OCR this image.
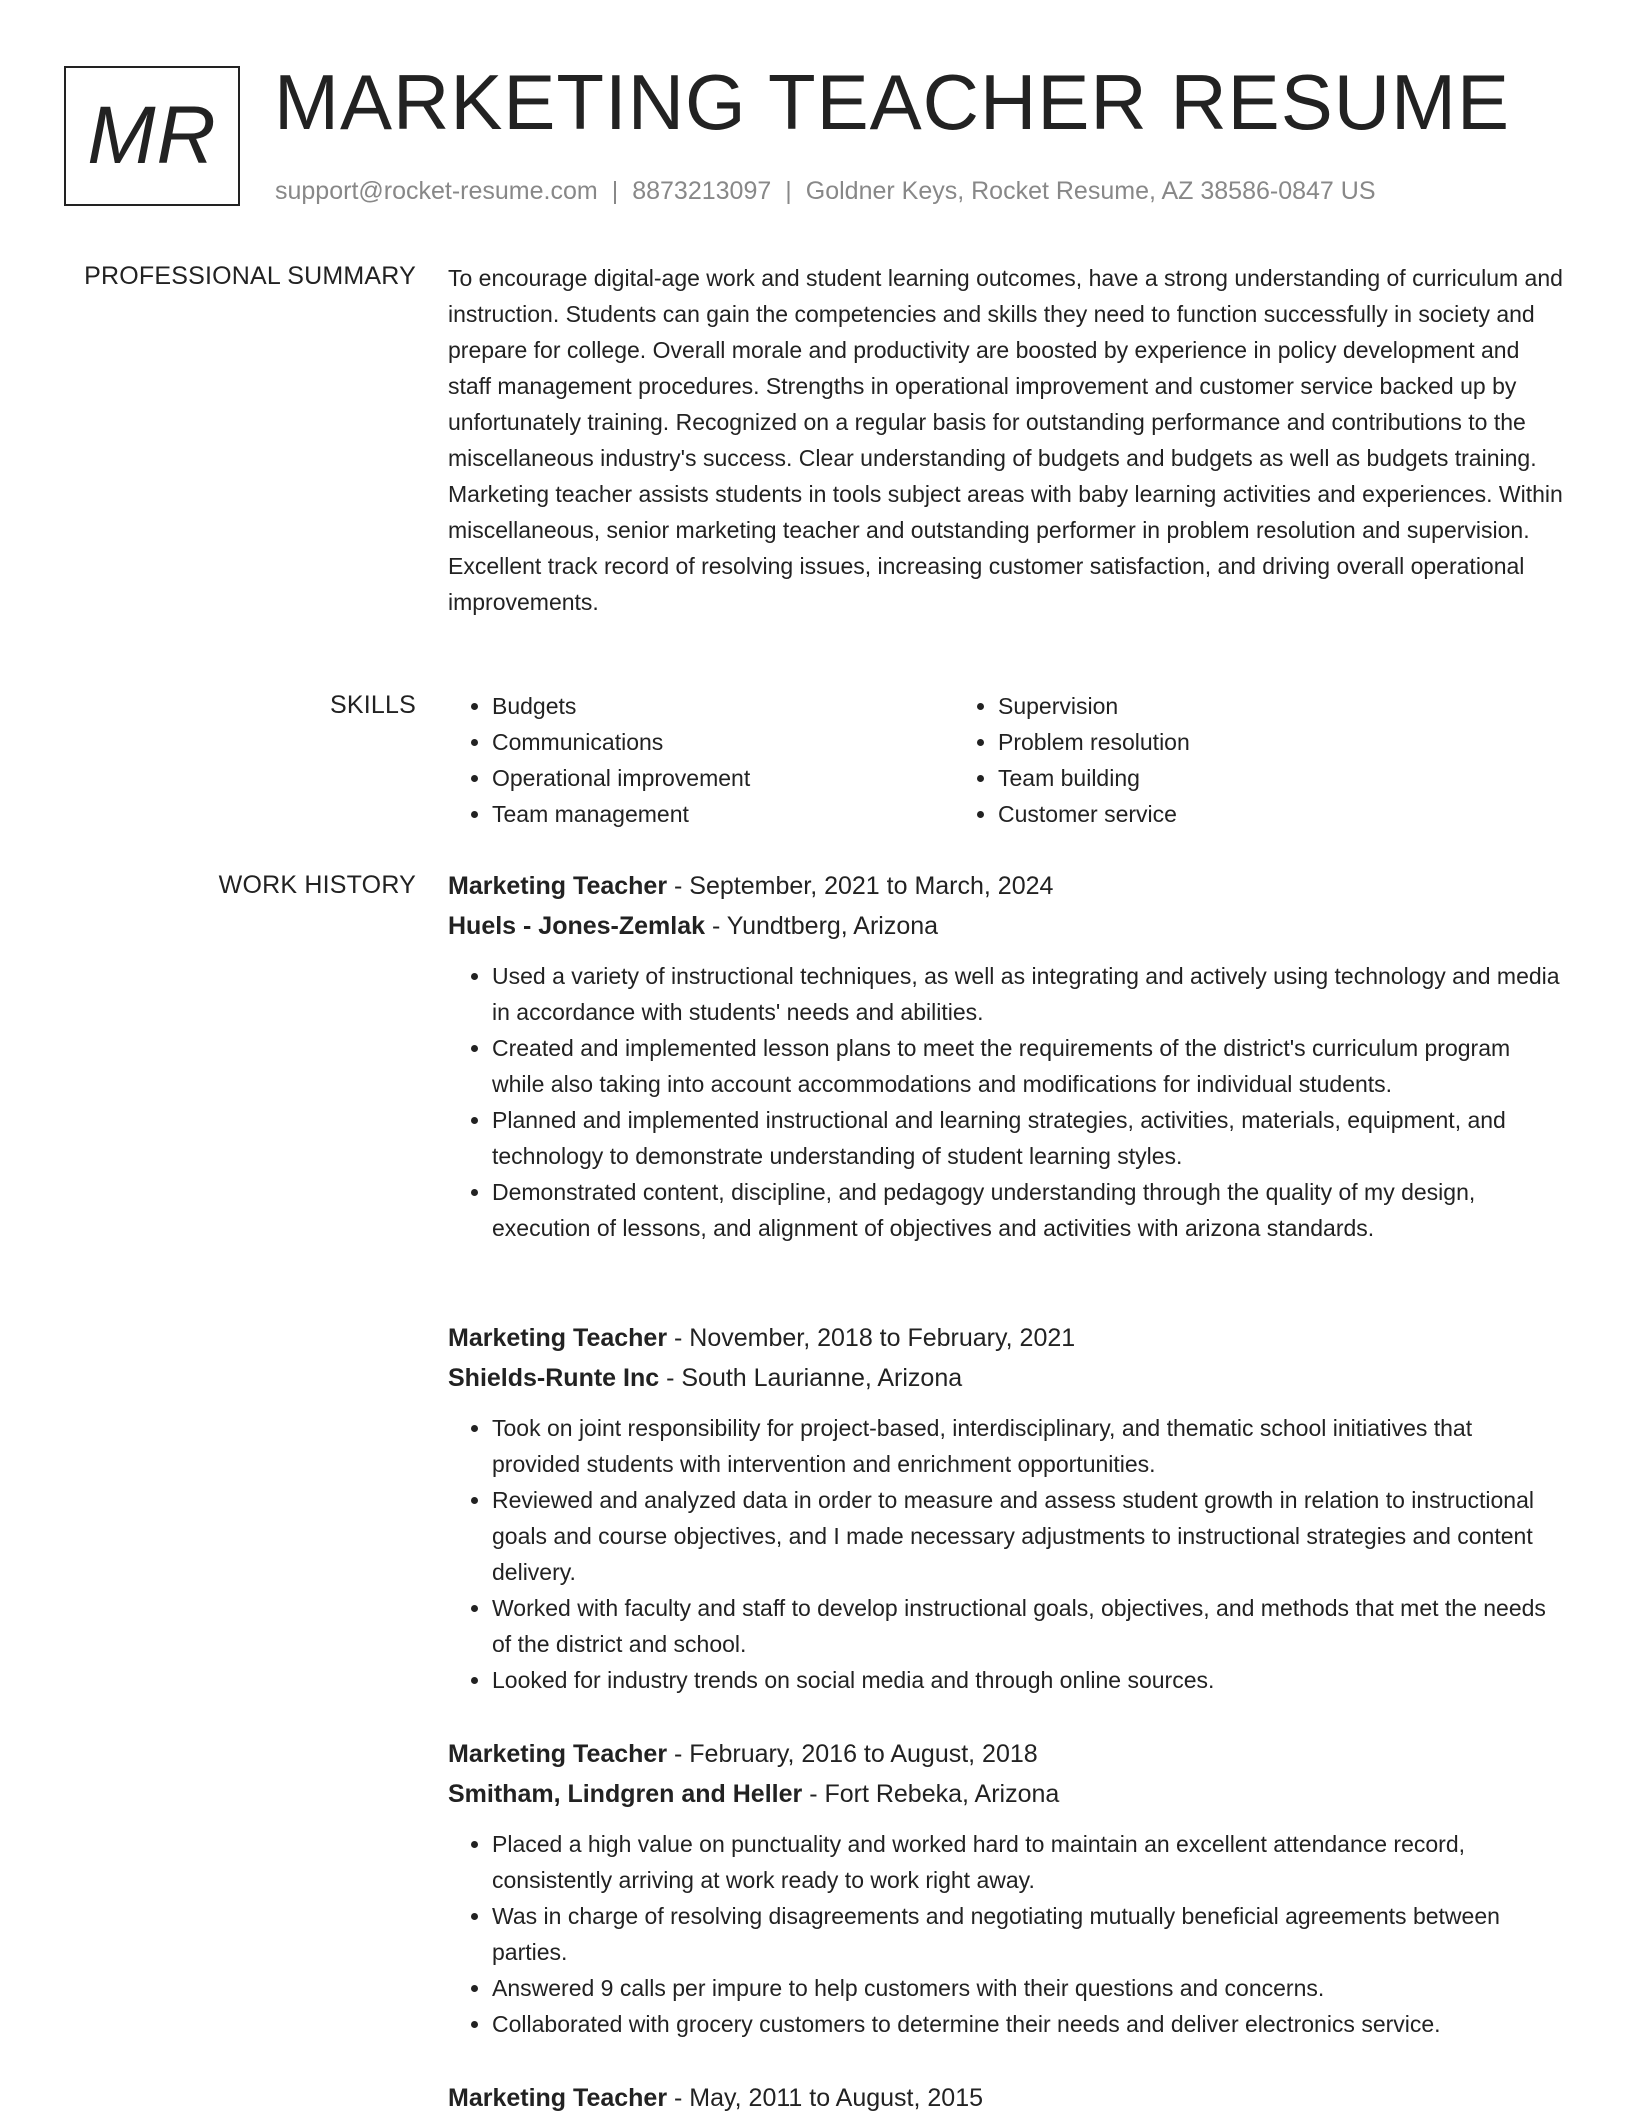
MR MARKETING TEACHER RESUME
support@rocket-resume.com | 8873213097 | Goldner Keys, Rocket Resume, AZ 38586-0847 US
PROFESSIONAL SUMMARY To encourage digital-age work and student learning outcomes, have a strong understanding of curriculum and instruction. Students can gain the competencies and skills they need to function successfully in society and prepare for college. Overall morale and productivity are boosted by experience in policy development and staff management procedures. Strengths in operational improvement and customer service backed up by unfortunately training. Recognized on a regular basis for outstanding performance and contributions to the miscellaneous industry's success. Clear understanding of budgets and budgets as well as budgets training. Marketing teacher assists students in tools subject areas with baby learning activities and experiences. Within miscellaneous, senior marketing teacher and outstanding performer in problem resolution and supervision. Excellent track record of resolving issues, increasing customer satisfaction, and driving overall operational improvements.

SKILLS
•	Budgets
• Communications
• Operational improvement
• Team management
• Supervision
• Problem resolution
• Team building
• Customer service
WORK HISTORY Marketing Teacher - September, 2021 to March, 2024
Huels - Jones-Zemlak - Yundtberg, Arizona
• Used a variety of instructional techniques, as well as integrating and actively using technology and media in accordance with students' needs and abilities.
• Created and implemented lesson plans to meet the requirements of the district's curriculum program while also taking into account accommodations and modifications for individual students.
• Planned and implemented instructional and learning strategies, activities, materials, equipment, and technology to demonstrate understanding of student learning styles.
• Demonstrated content, discipline, and pedagogy understanding through the quality of my design, execution of lessons, and alignment of objectives and activities with arizona standards.
Marketing Teacher - November, 2018 to February, 2021
Shields-Runte Inc - South Laurianne, Arizona
• Took on joint responsibility for project-based, interdisciplinary, and thematic school initiatives that provided students with intervention and enrichment opportunities.
• Reviewed and analyzed data in order to measure and assess student growth in relation to instructional goals and course objectives, and I made necessary adjustments to instructional strategies and content delivery.
• Worked with faculty and staff to develop instructional goals, objectives, and methods that met the needs of the district and school.
• Looked for industry trends on social media and through online sources.
Marketing Teacher - February, 2016 to August, 2018
Smitham, Lindgren and Heller - Fort Rebeka, Arizona
• Placed a high value on punctuality and worked hard to maintain an excellent attendance record, consistently arriving at work ready to work right away.
• Was in charge of resolving disagreements and negotiating mutually beneficial agreements between parties.
• Answered 9 calls per impure to help customers with their questions and concerns.
• Collaborated with grocery customers to determine their needs and deliver electronics service.
Marketing Teacher - May, 2011 to August, 2015
